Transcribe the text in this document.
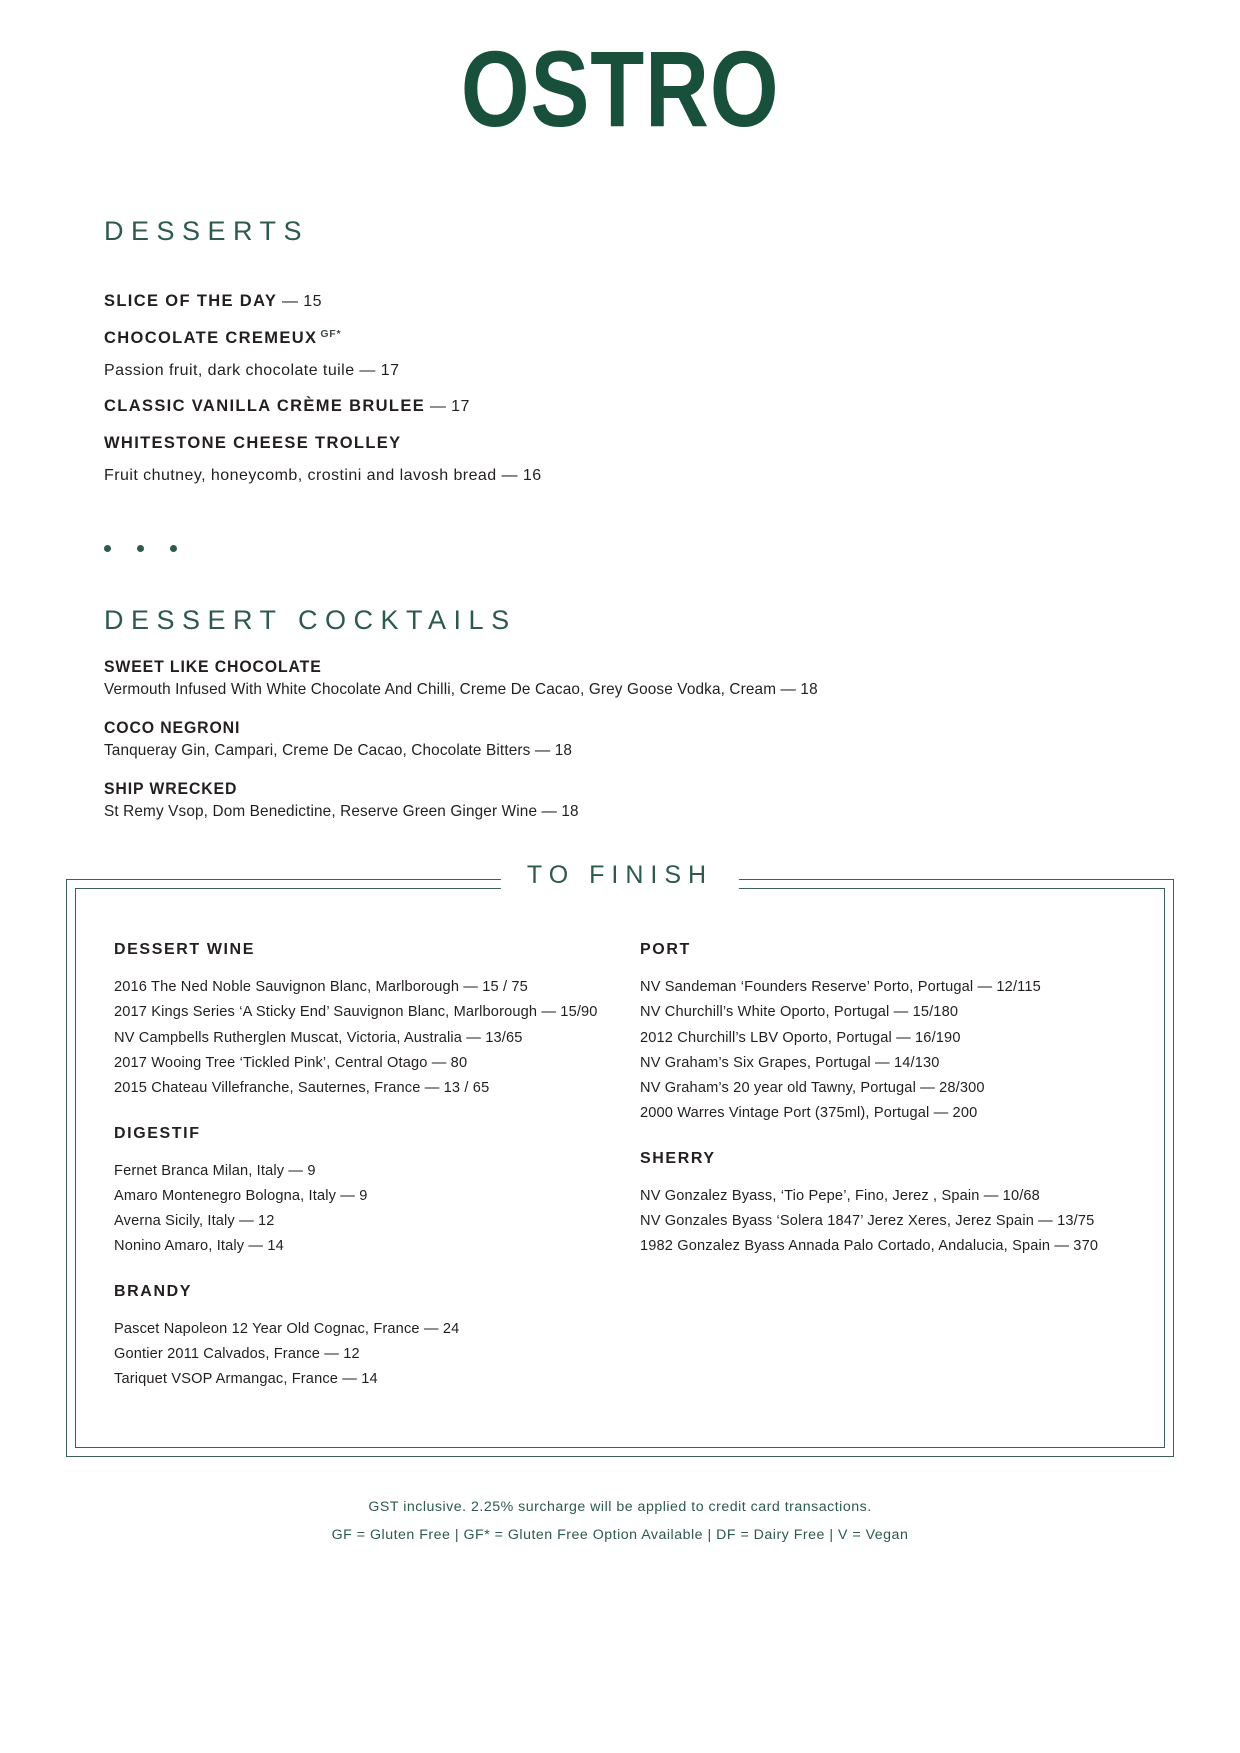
OSTRO
DESSERTS
SLICE OF THE DAY — 15
CHOCOLATE CREMEUX $^{GF*}$

Passion fruit, dark chocolate tuile — 17

CLASSIC VANILLA CRÈME BRULEE — 17
WHITESTONE CHEESE TROLLEY

Fruit chutney, honeycomb, crostini and lavosh bread — 16

DESSERT COCKTAILS

SWEET LIKE CHOCOLATE

Vermouth Infused With White Chocolate And Chilli, Creme De Cacao, Grey Goose Vodka, Cream — 18

COCO NEGRONI

Tanqueray Gin, Campari, Creme De Cacao, Chocolate Bitters — 18

SHIP WRECKED

St Remy Vsop, Dom Benedictine, Reserve Green Ginger Wine — 18

TO FINISH

DESSERT WINE

2016 The Ned Noble Sauvignon Blanc, Marlborough — 15 / 75

2017 Kings Series ‘A Sticky End’ Sauvignon Blanc, Marlborough — 15/90

NV Campbells Rutherglen Muscat, Victoria, Australia — 13/65

2017 Wooing Tree ‘Tickled Pink’, Central Otago — 80

2015 Chateau Villefranche, Sauternes, France — 13 / 65

DIGESTIF

Fernet Branca Milan, Italy — 9

Amaro Montenegro Bologna, Italy — 9

Averna Sicily, Italy — 12

Nonino Amaro, Italy — 14

BRANDY

Pascet Napoleon 12 Year Old Cognac, France — 24

Gontier 2011 Calvados, France — 12

Tariquet VSOP Armangac, France — 14

PORT

NV Sandeman ‘Founders Reserve’ Porto, Portugal — 12/115

NV Churchill’s White Oporto, Portugal — 15/180

2012 Churchill’s LBV Oporto, Portugal — 16/190

NV Graham’s Six Grapes, Portugal — 14/130

NV Graham’s 20 year old Tawny, Portugal — 28/300

2000 Warres Vintage Port (375ml), Portugal — 200

SHERRY

NV Gonzalez Byass, ‘Tio Pepe’, Fino, Jerez , Spain — 10/68

NV Gonzales Byass ‘Solera 1847’ Jerez Xeres, Jerez Spain — 13/75

1982 Gonzalez Byass Annada Palo Cortado, Andalucia, Spain — 370

GST inclusive. 2.25% surcharge will be applied to credit card transactions.

GF = Gluten Free | GF* = Gluten Free Option Available | DF = Dairy Free | V = Vegan
